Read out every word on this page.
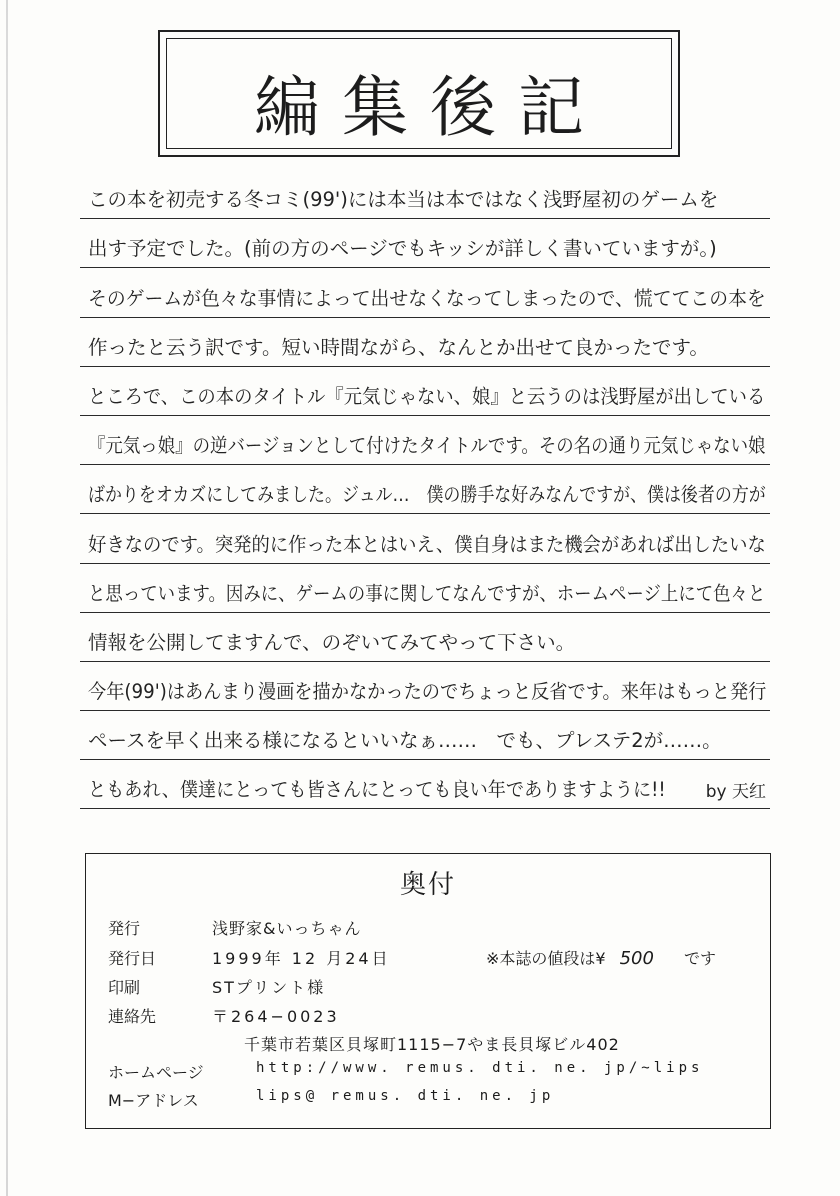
編集後記
この本を初売する冬コミ(99')には本当は本ではなく浅野屋初のゲームを
出す予定でした。(前の方のページでもキッシが詳しく書いていますが。)
そのゲームが色々な事情によって出せなくなってしまったので、慌ててこの本を
作ったと云う訳です。短い時間ながら、なんとか出せて良かったです。
ところで、この本のタイトル『元気じゃない、娘』と云うのは浅野屋が出している
『元気っ娘』の逆バージョンとして付けたタイトルです。その名の通り元気じゃない娘
ばかりをオカズにしてみました。ジュル…　僕の勝手な好みなんですが、僕は後者の方が
好きなのです。突発的に作った本とはいえ、僕自身はまた機会があれば出したいな
と思っています。因みに、ゲームの事に関してなんですが、ホームページ上にて色々と
情報を公開してますんで、のぞいてみてやって下さい。
今年(99')はあんまり漫画を描かなかったのでちょっと反省です。来年はもっと発行
ペースを早く出来る様になるといいなぁ……　でも、プレステ2が……。
ともあれ、僕達にとっても皆さんにとっても良い年でありますように!! by 天红
奥付
発行	浅野家&いっちゃん
発行日	1999年 12 月24日	※本誌の値段は¥ 500 です
印刷	STプリント様
連絡先	〒264−0023
千葉市若葉区貝塚町1115−7やま長貝塚ビル402
ホームページ	http://www. remus. dti. ne. jp/~lips
M−アドレス	lips@ remus. dti. ne. jp
